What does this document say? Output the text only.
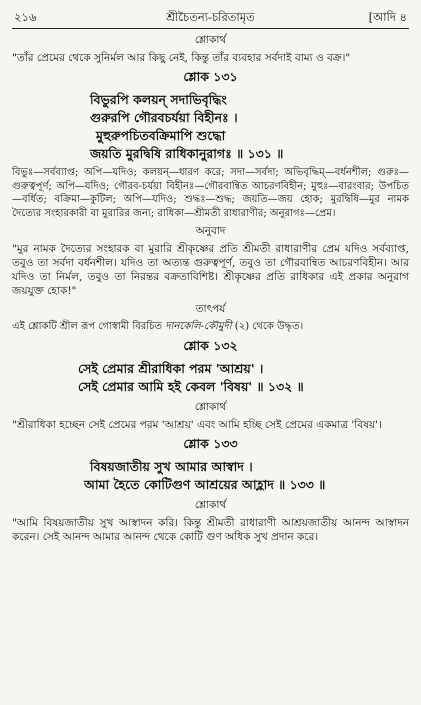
২১৬	শ্রীচৈতন্য-চরিতামৃত	[আদি ৪
শ্লোকার্থ
"তাঁর প্রেমের থেকে সুনির্মল আর কিছু নেই, কিন্তু তাঁর ব্যবহার সর্বদাই বাম্য ও বক্র।"
শ্লোক ১৩১
বিভুরপি কলয়ন্ সদাভিবৃদ্ধিং
গুরুরপি গৌরবচর্যয়া বিহীনঃ ।
মুহুরুপচিতবক্রিমাপি শুদ্ধো
জয়তি মুরদ্বিষি রাধিকানুরাগঃ ॥ ১৩১ ॥
বিভুঃ—সর্বব্যাপ্ত; অপি—যদিও; কলয়ন্—ধারণ করে; সদা—সর্বদা; অভিবৃদ্ধিম্—বর্ধনশীল; গুরুঃ—গুরুত্বপূর্ণ; অপি—যদিও; গৌরব-চর্যয়া বিহীনঃ—গৌরবান্বিত আচরণবিহীন; মুহুঃ—বারংবার; উপচিত—বর্ধিত; বক্রিমা—কুটিল; অপি—যদিও; শুদ্ধঃ—শুদ্ধ; জয়তি—জয় হোক; মুরদ্বিষি—মুর নামক দৈত্যের সংহারকারী বা মুরারির জন্য; রাধিকা—শ্রীমতী রাধারাণীর; অনুরাগঃ—প্রেম।
অনুবাদ
"মুর নামক দৈত্যের সংহারক বা মুরারি শ্রীকৃষ্ণের প্রতি শ্রীমতী রাধারাণীর প্রেম যদিও সর্বব্যাপ্ত, তবুও তা সর্বদা বর্ধনশীল। যদিও তা অত্যন্ত গুরুত্বপূর্ণ, তবুও তা গৌরবান্বিত আচরণবিহীন। আর যদিও তা নির্মল, তবুও তা নিরন্তর বক্রতাবিশিষ্ট। শ্রীকৃষ্ণের প্রতি রাধিকার এই প্রকার অনুরাগ জয়যুক্ত হোক!"
তাৎপর্য
এই শ্লোকটি শ্রীল রূপ গোস্বামী বিরচিত দানকেলি-কৌমুদী (২) থেকে উদ্ধৃত।
শ্লোক ১৩২
সেই প্রেমার শ্রীরাধিকা পরম 'আশ্রয়' ।
সেই প্রেমার আমি হই কেবল 'বিষয়' ॥ ১৩২ ॥
শ্লোকার্থ
"শ্রীরাধিকা হচ্ছেন সেই প্রেমের পরম 'আশ্রয়' এবং আমি হচ্ছি সেই প্রেমের একমাত্র 'বিষয়'।
শ্লোক ১৩৩
বিষয়জাতীয় সুখ আমার আস্বাদ ।
আমা হৈতে কোটিগুণ আশ্রয়ের আহ্লাদ ॥ ১৩৩ ॥
শ্লোকার্থ
"আমি বিষয়জাতীয় সুখ আস্বাদন করি। কিন্তু শ্রীমতী রাধারাণী আশ্রয়জাতীয় আনন্দ আস্বাদন করেন। সেই আনন্দ আমার আনন্দ থেকে কোটি গুণ অধিক সুখ প্রদান করে।
